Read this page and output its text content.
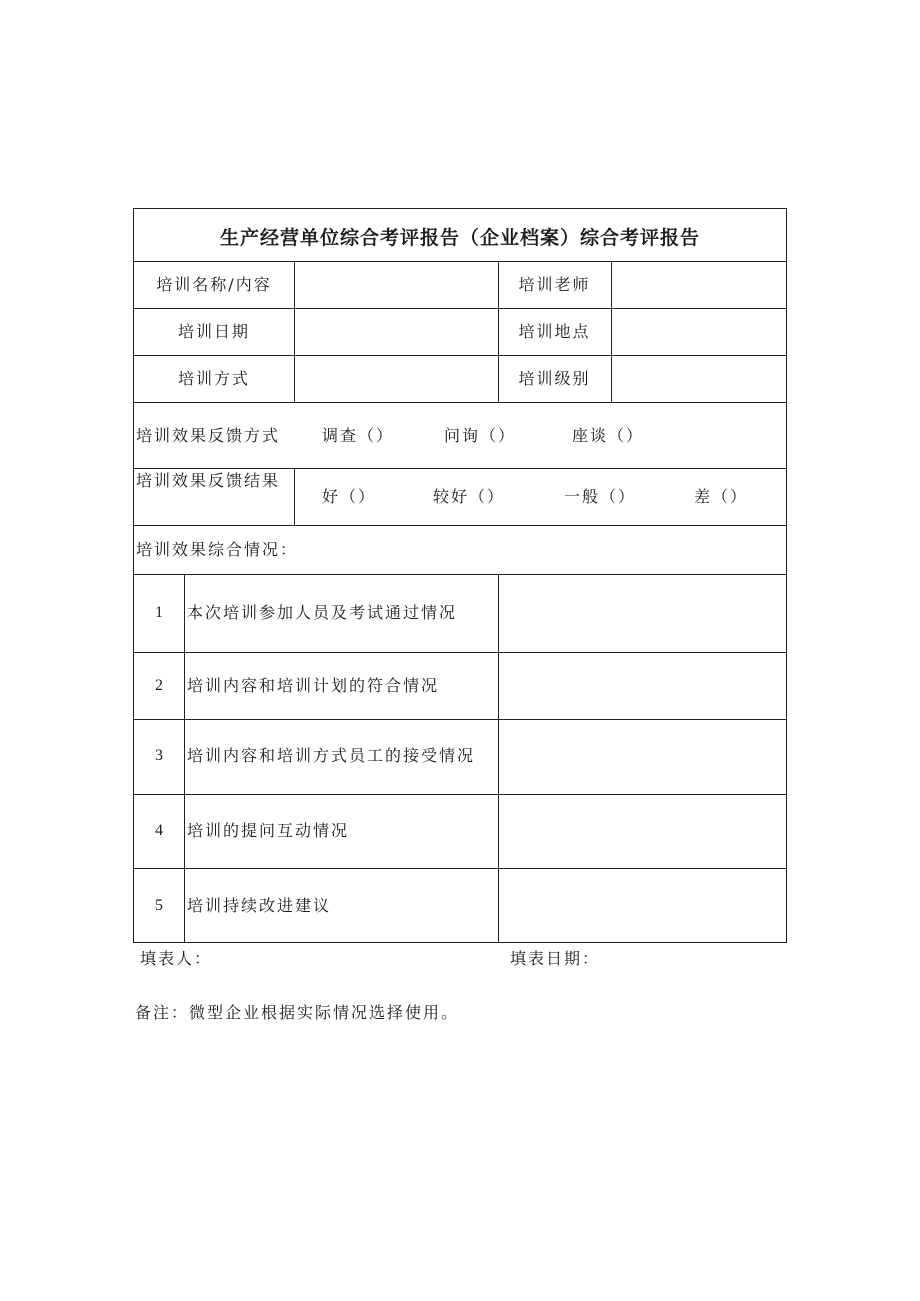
生产经营单位综合考评报告（企业档案）综合考评报告
培训名称/内容	培训老师
培训日期	培训地点
培训方式	培训级别
培训效果反馈方式	调查（）	问询（）	座谈（）
培训效果反馈结果
好（）	较好（）	一般（）	差（）
培训效果综合情况：
1	本次培训参加人员及考试通过情况
2	培训内容和培训计划的符合情况
3	培训内容和培训方式员工的接受情况
4	培训的提问互动情况
5	培训持续改进建议
填表人：	填表日期：
备注：微型企业根据实际情况选择使用。
